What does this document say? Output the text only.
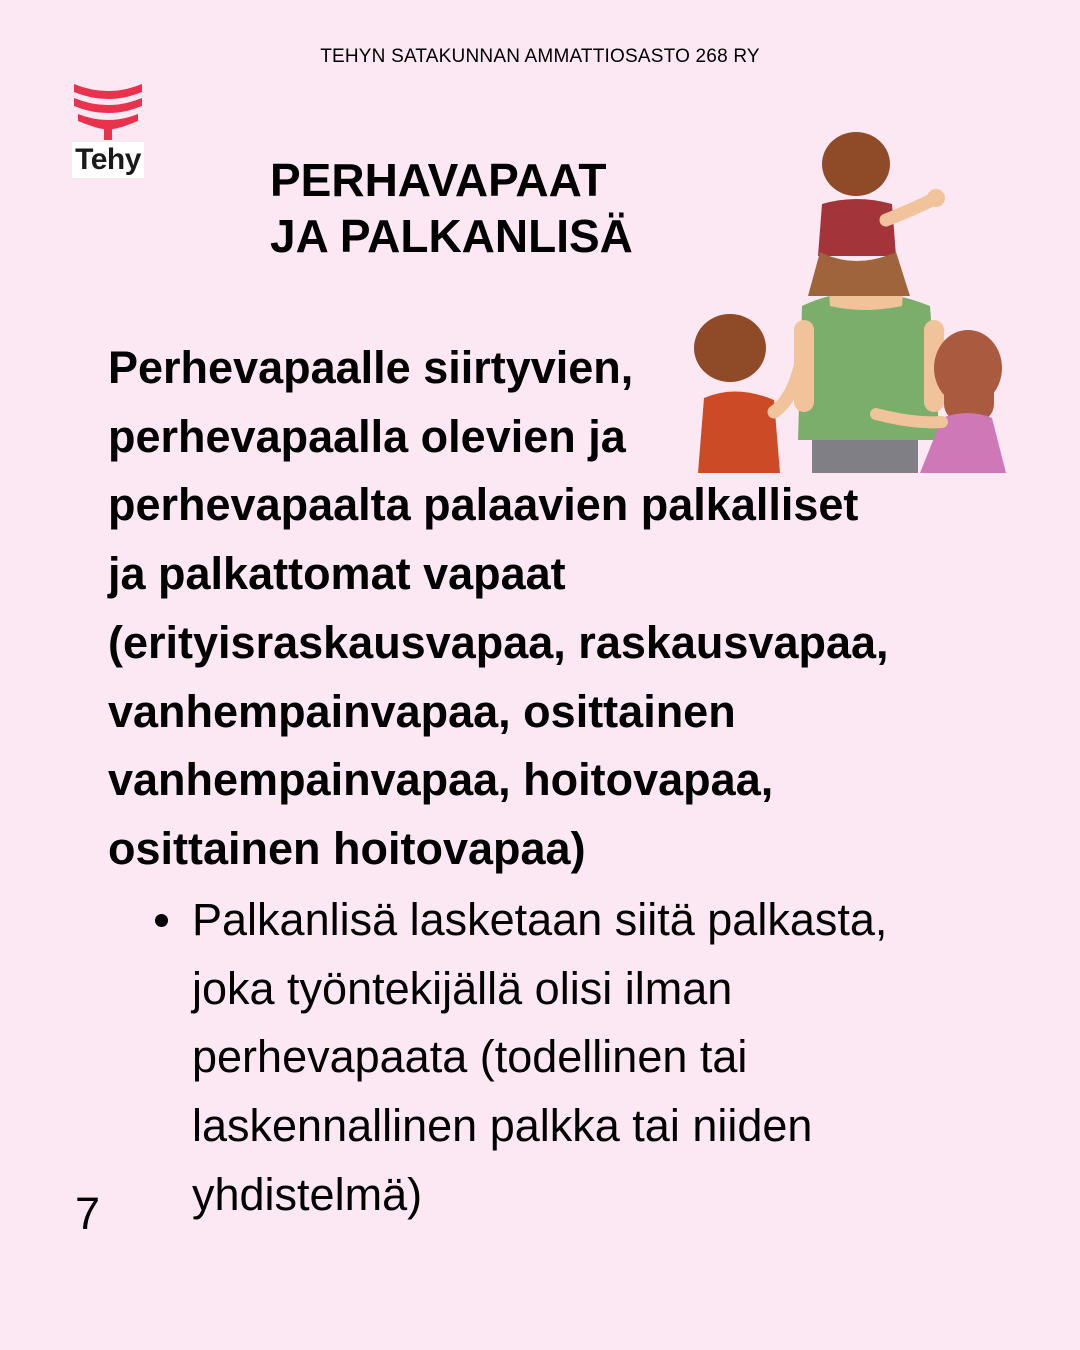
TEHYN SATAKUNNAN AMMATTIOSASTO 268 RY
Tehy	PERHAVAPAAT
JA PALKANLISÄ
Perhevapaalle siirtyvien,
perhevapaalla olevien ja
perhevapaalta palaavien palkalliset
ja palkattomat vapaat
(erityisraskausvapaa, raskausvapaa,
vanhempainvapaa, osittainen
vanhempainvapaa, hoitovapaa,
osittainen hoitovapaa)
Palkanlisä lasketaan siitä palkasta,
joka työntekijällä olisi ilman
perhevapaata (todellinen tai
laskennallinen palkka tai niiden
yhdistelmä)
7
